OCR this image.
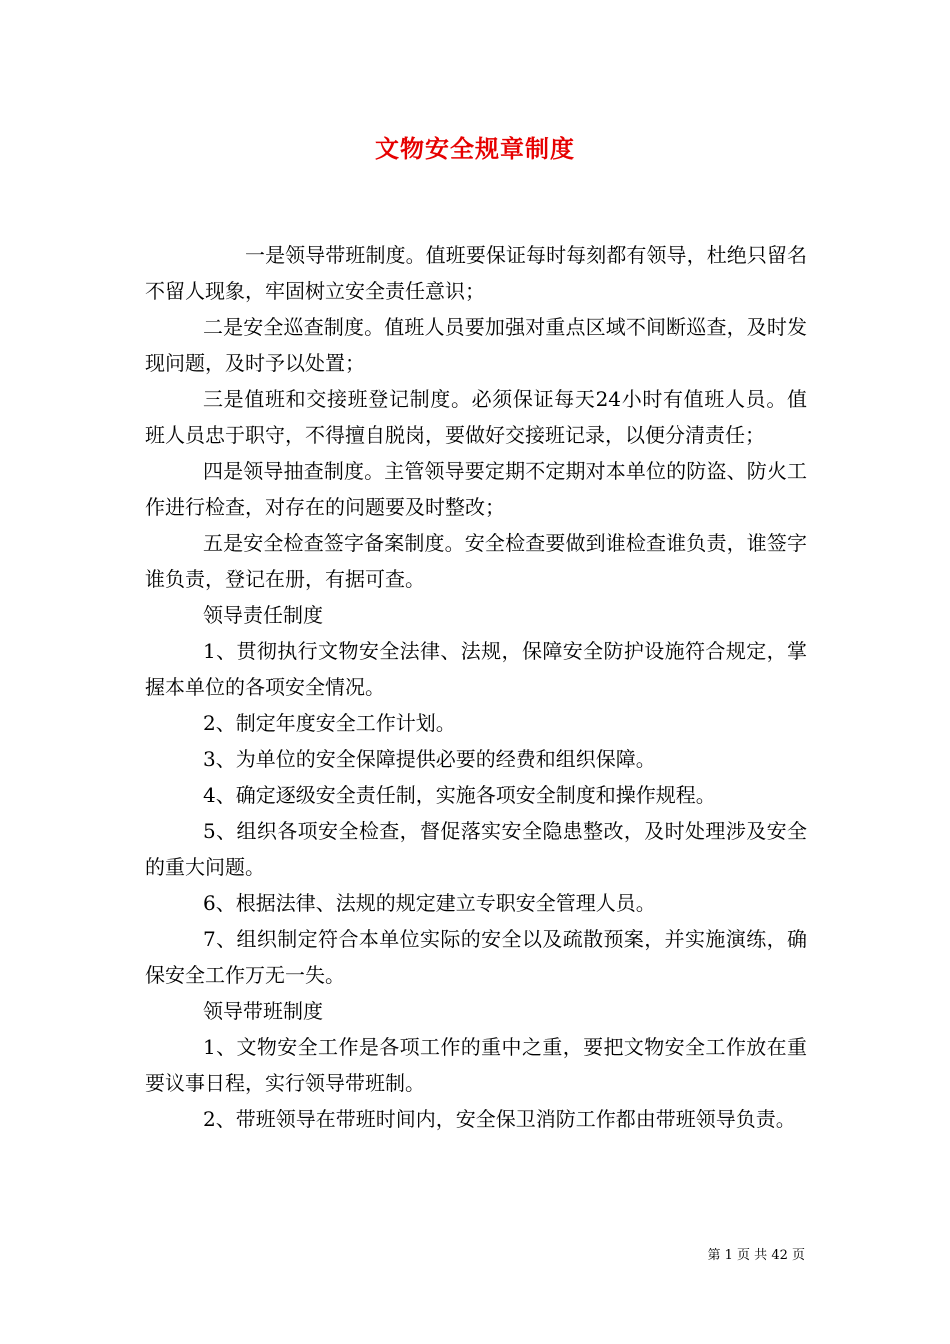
文物安全规章制度

一是领导带班制度。值班要保证每时每刻都有领导，杜绝只留名不留人现象，牢固树立安全责任意识；

二是安全巡查制度。值班人员要加强对重点区域不间断巡查，及时发现问题，及时予以处置；

三是值班和交接班登记制度。必须保证每天24小时有值班人员。值班人员忠于职守，不得擅自脱岗，要做好交接班记录，以便分清责任；

四是领导抽查制度。主管领导要定期不定期对本单位的防盗、防火工作进行检查，对存在的问题要及时整改；

五是安全检查签字备案制度。安全检查要做到谁检查谁负责，谁签字谁负责，登记在册，有据可查。

领导责任制度

1、贯彻执行文物安全法律、法规，保障安全防护设施符合规定，掌握本单位的各项安全情况。

2、制定年度安全工作计划。

3、为单位的安全保障提供必要的经费和组织保障。

4、确定逐级安全责任制，实施各项安全制度和操作规程。

5、组织各项安全检查，督促落实安全隐患整改，及时处理涉及安全的重大问题。

6、根据法律、法规的规定建立专职安全管理人员。

7、组织制定符合本单位实际的安全以及疏散预案，并实施演练，确保安全工作万无一失。

领导带班制度

1、文物安全工作是各项工作的重中之重，要把文物安全工作放在重要议事日程，实行领导带班制。

2、带班领导在带班时间内，安全保卫消防工作都由带班领导负责。

第 1 页 共 42 页
